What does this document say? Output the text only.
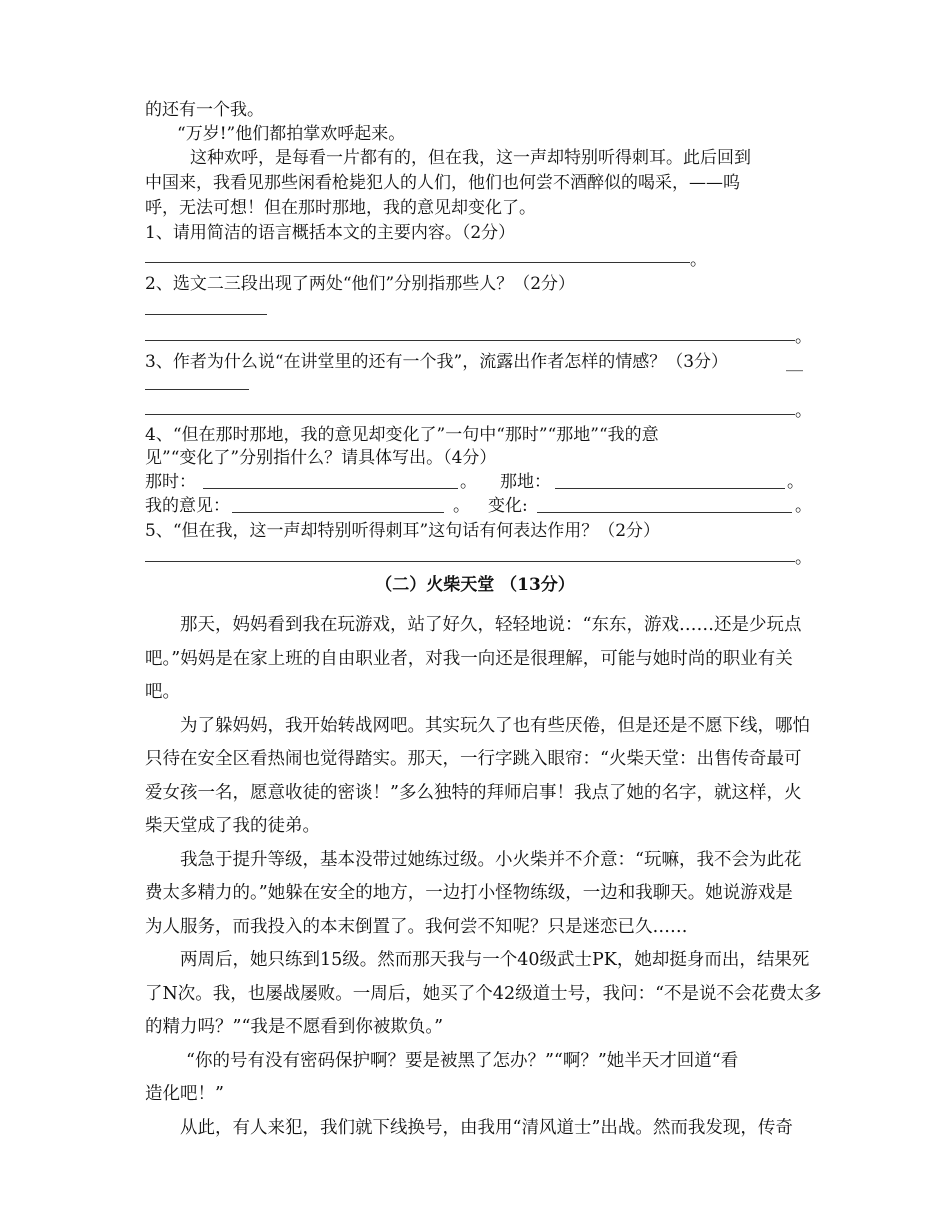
的还有一个我。
“万岁!”他们都拍掌欢呼起来。
这种欢呼，是每看一片都有的，但在我，这一声却特别听得刺耳。此后回到
中国来，我看见那些闲看枪毙犯人的人们，他们也何尝不酒醉似的喝采，——呜
呼，无法可想！但在那时那地，我的意见却变化了。
1、请用简洁的语言概括本文的主要内容。（2分）
。
2、选文二三段出现了两处“他们”分别指那些人？（2分）
。
3、作者为什么说“在讲堂里的还有一个我”，流露出作者怎样的情感？（3分）	__
。
4、“但在那时那地，我的意见却变化了”一句中“那时”“那地”“我的意
见”“变化了”分别指什么？请具体写出。（4分）
那时：	。 那地：	。
我的意见：	。 变化:	。
5、“但在我，这一声却特别听得刺耳”这句话有何表达作用？（2分）
。
（二）火柴天堂 （13分）
那天，妈妈看到我在玩游戏，站了好久，轻轻地说：“东东，游戏……还是少玩点
吧。”妈妈是在家上班的自由职业者，对我一向还是很理解，可能与她时尚的职业有关
吧。
为了躲妈妈，我开始转战网吧。其实玩久了也有些厌倦，但是还是不愿下线，哪怕
只待在安全区看热闹也觉得踏实。那天，一行字跳入眼帘：“火柴天堂：出售传奇最可
爱女孩一名，愿意收徒的密谈！”多么独特的拜师启事！我点了她的名字，就这样，火
柴天堂成了我的徒弟。
我急于提升等级，基本没带过她练过级。小火柴并不介意：“玩嘛，我不会为此花
费太多精力的。”她躲在安全的地方，一边打小怪物练级，一边和我聊天。她说游戏是
为人服务，而我投入的本末倒置了。我何尝不知呢？只是迷恋已久……
两周后，她只练到15级。然而那天我与一个40级武士PK，她却挺身而出，结果死
了N次。我，也屡战屡败。一周后，她买了个42级道士号，我问：“不是说不会花费太多
的精力吗？”“我是不愿看到你被欺负。”
“你的号有没有密码保护啊？要是被黑了怎办？”“啊？”她半天才回道“看
造化吧！”
从此，有人来犯，我们就下线换号，由我用“清风道士”出战。然而我发现，传奇
